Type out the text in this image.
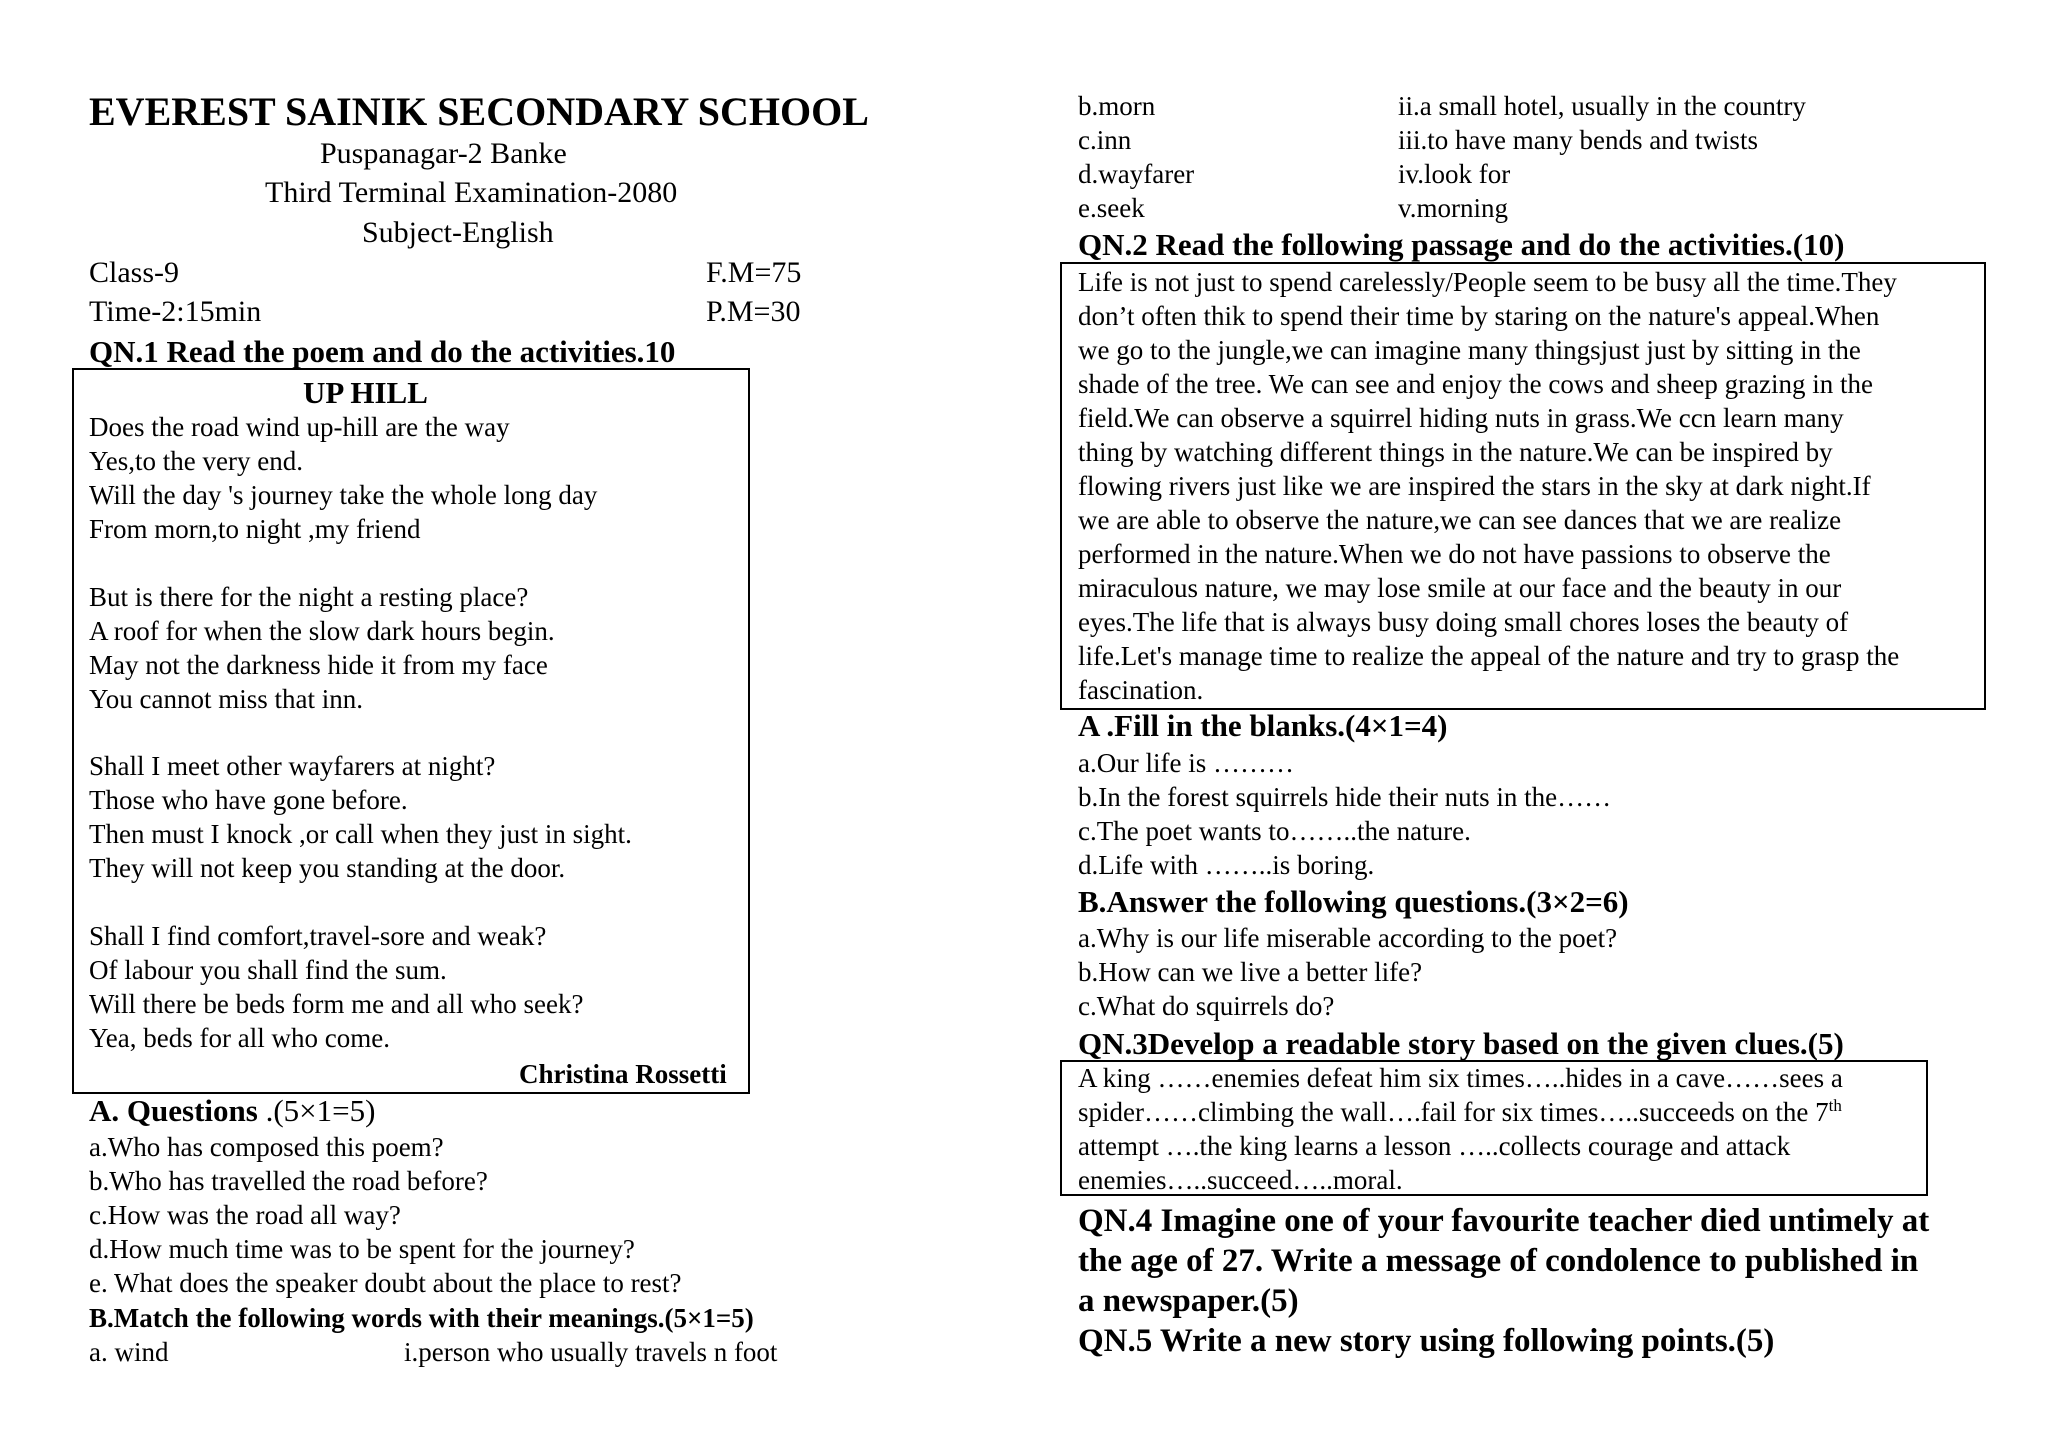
EVEREST SAINIK SECONDARY SCHOOL
Puspanagar-2 Banke
Third Terminal Examination-2080
Subject-English
Class-9	F.M=75
Time-2:15min	P.M=30
QN.1 Read the poem and do the activities.10
UP HILL
Does the road wind up-hill are the way
Yes,to the very end.
Will the day 's journey take the whole long day
From morn,to night ,my friend
But is there for the night a resting place?
A roof for when the slow dark hours begin.
May not the darkness hide it from my face
You cannot miss that inn.
Shall I meet other wayfarers at night?
Those who have gone before.
Then must I knock ,or call when they just in sight.
They will not keep you standing at the door.
Shall I find comfort,travel-sore and weak?
Of labour you shall find the sum.
Will there be beds form me and all who seek?
Yea, beds for all who come.
Christina Rossetti
A. Questions .(5×1=5)
a.Who has composed this poem?
b.Who has travelled the road before?
c.How was the road all way?
d.How much time was to be spent for the journey?
e. What does the speaker doubt about the place to rest?
B.Match the following words with their meanings.(5×1=5)
a. wind	i.person who usually travels n foot
b.morn	ii.a small hotel, usually in the country
c.inn	iii.to have many bends and twists
d.wayfarer	iv.look for
e.seek	v.morning
QN.2 Read the following passage and do the activities.(10)
Life is not just to spend carelessly/People seem to be busy all the time.They
don’t often thik to spend their time by staring on the nature's appeal.When
we go to the jungle,we can imagine many thingsjust just by sitting in the
shade of the tree. We can see and enjoy the cows and sheep grazing in the
field.We can observe a squirrel hiding nuts in grass.We ccn learn many
thing by watching different things in the nature.We can be inspired by
flowing rivers just like we are inspired the stars in the sky at dark night.If
we are able to observe the nature,we can see dances that we are realize
performed in the nature.When we do not have passions to observe the
miraculous nature, we may lose smile at our face and the beauty in our
eyes.The life that is always busy doing small chores loses the beauty of
life.Let's manage time to realize the appeal of the nature and try to grasp the
fascination.
A .Fill in the blanks.(4×1=4)
a.Our life is ………
b.In the forest squirrels hide their nuts in the……
c.The poet wants to……..the nature.
d.Life with ……..is boring.
B.Answer the following questions.(3×2=6)
a.Why is our life miserable according to the poet?
b.How can we live a better life?
c.What do squirrels do?
QN.3Develop a readable story based on the given clues.(5)
A king ……enemies defeat him six times…..hides in a cave……sees a
spider……climbing the wall….fail for six times…..succeeds on the 7th
attempt ….the king learns a lesson …..collects courage and attack
enemies…..succeed…..moral.
QN.4 Imagine one of your favourite teacher died untimely at
the age of 27. Write a message of condolence to published in
a newspaper.(5)
QN.5 Write a new story using following points.(5)
